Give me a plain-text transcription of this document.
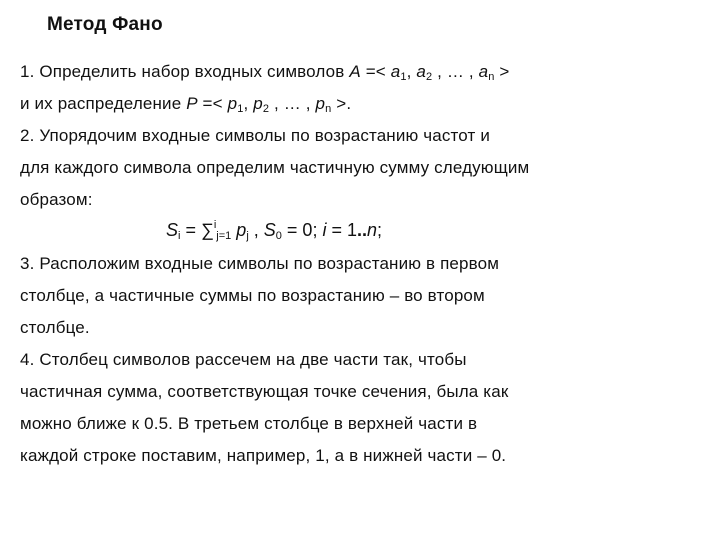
Метод Фано
1. Определить набор входных символов $A =< a_1$, $a_2$ , … , $a_n$ >
и их распределение $P =< p_1$, $p_2$ , … , $p_n$ >.
2. Упорядочим входные символы по возрастанию частот и
для каждого символа определим частичную сумму следующим
образом:
$S_i = \sum^i_{j=1}$ $p_j$ , $S_0 = 0$; i = 1..n;
3. Расположим входные символы по возрастанию в первом
столбце, а частичные суммы по возрастанию – во втором
столбце.
4. Столбец символов рассечем на две части так, чтобы
частичная сумма, соответствующая точке сечения, была как
можно ближе к 0.5. В третьем столбце в верхней части в
каждой строке поставим, например, 1, а в нижней части – 0.
